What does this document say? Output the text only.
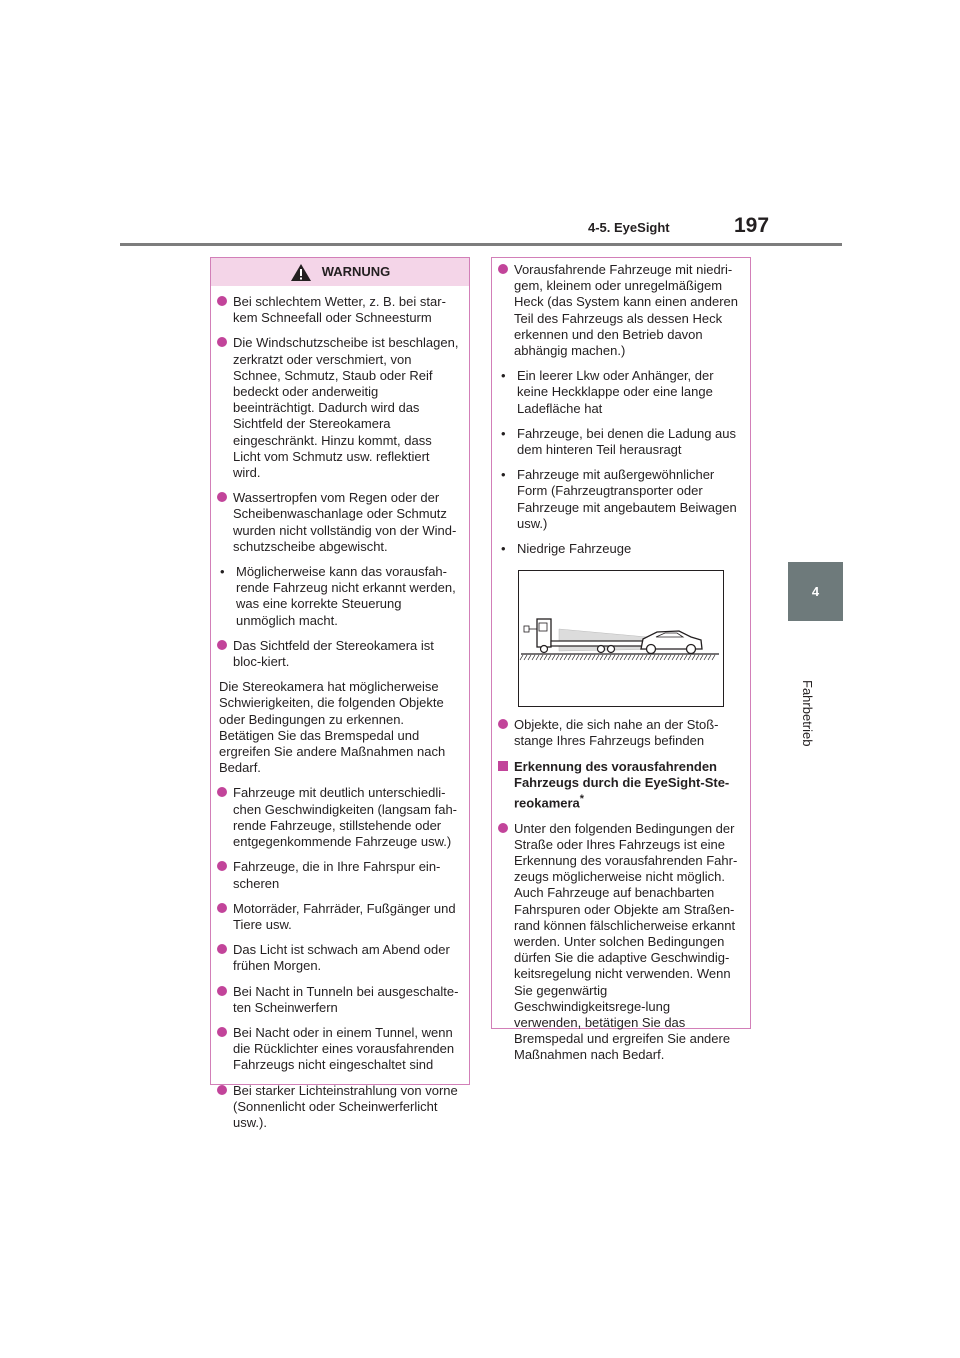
197
4-5. EyeSight
4
Fahrbetrieb
WARNUNG
Bei schlechtem Wetter, z. B. bei star-kem Schneefall oder Schneesturm
Die Windschutzscheibe ist beschlagen, zerkratzt oder verschmiert, von Schnee, Schmutz, Staub oder Reif bedeckt oder anderweitig beeinträchtigt. Dadurch wird das Sichtfeld der Stereokamera eingeschränkt. Hinzu kommt, dass Licht vom Schmutz usw. reflektiert wird.
Wassertropfen vom Regen oder der Scheibenwaschanlage oder Schmutz wurden nicht vollständig von der Wind-schutzscheibe abgewischt.
• Möglicherweise kann das vorausfah-rende Fahrzeug nicht erkannt werden, was eine korrekte Steuerung unmöglich macht.
Das Sichtfeld der Stereokamera ist bloc-kiert.
Die Stereokamera hat möglicherweise Schwierigkeiten, die folgenden Objekte oder Bedingungen zu erkennen. Betätigen Sie das Bremspedal und ergreifen Sie andere Maßnahmen nach Bedarf.
Fahrzeuge mit deutlich unterschiedli-chen Geschwindigkeiten (langsam fah-rende Fahrzeuge, stillstehende oder entgegenkommende Fahrzeuge usw.)
Fahrzeuge, die in Ihre Fahrspur ein-scheren
Motorräder, Fahrräder, Fußgänger und Tiere usw.
Das Licht ist schwach am Abend oder frühen Morgen.
Bei Nacht in Tunneln bei ausgeschalte-ten Scheinwerfern
Bei Nacht oder in einem Tunnel, wenn die Rücklichter eines vorausfahrenden Fahrzeugs nicht eingeschaltet sind
Bei starker Lichteinstrahlung von vorne (Sonnenlicht oder Scheinwerferlicht usw.).
Vorausfahrende Fahrzeuge mit niedri-gem, kleinem oder unregelmäßigem Heck (das System kann einen anderen Teil des Fahrzeugs als dessen Heck erkennen und den Betrieb davon abhängig machen.)
• Ein leerer Lkw oder Anhänger, der keine Heckklappe oder eine lange Ladefläche hat
• Fahrzeuge, bei denen die Ladung aus dem hinteren Teil herausragt
• Fahrzeuge mit außergewöhnlicher Form (Fahrzeugtransporter oder Fahrzeuge mit angebautem Beiwagen usw.)
• Niedrige Fahrzeuge
Objekte, die sich nahe an der Stoß-stange Ihres Fahrzeugs befinden
Erkennung des vorausfahrenden Fahrzeugs durch die EyeSight-Ste-reokamera*
Unter den folgenden Bedingungen der Straße oder Ihres Fahrzeugs ist eine Erkennung des vorausfahrenden Fahr-zeugs möglicherweise nicht möglich. Auch Fahrzeuge auf benachbarten Fahrspuren oder Objekte am Straßen-rand können fälschlicherweise erkannt werden. Unter solchen Bedingungen dürfen Sie die adaptive Geschwindig-keitsregelung nicht verwenden. Wenn Sie gegenwärtig Geschwindigkeitsrege-lung verwenden, betätigen Sie das Bremspedal und ergreifen Sie andere Maßnahmen nach Bedarf.
